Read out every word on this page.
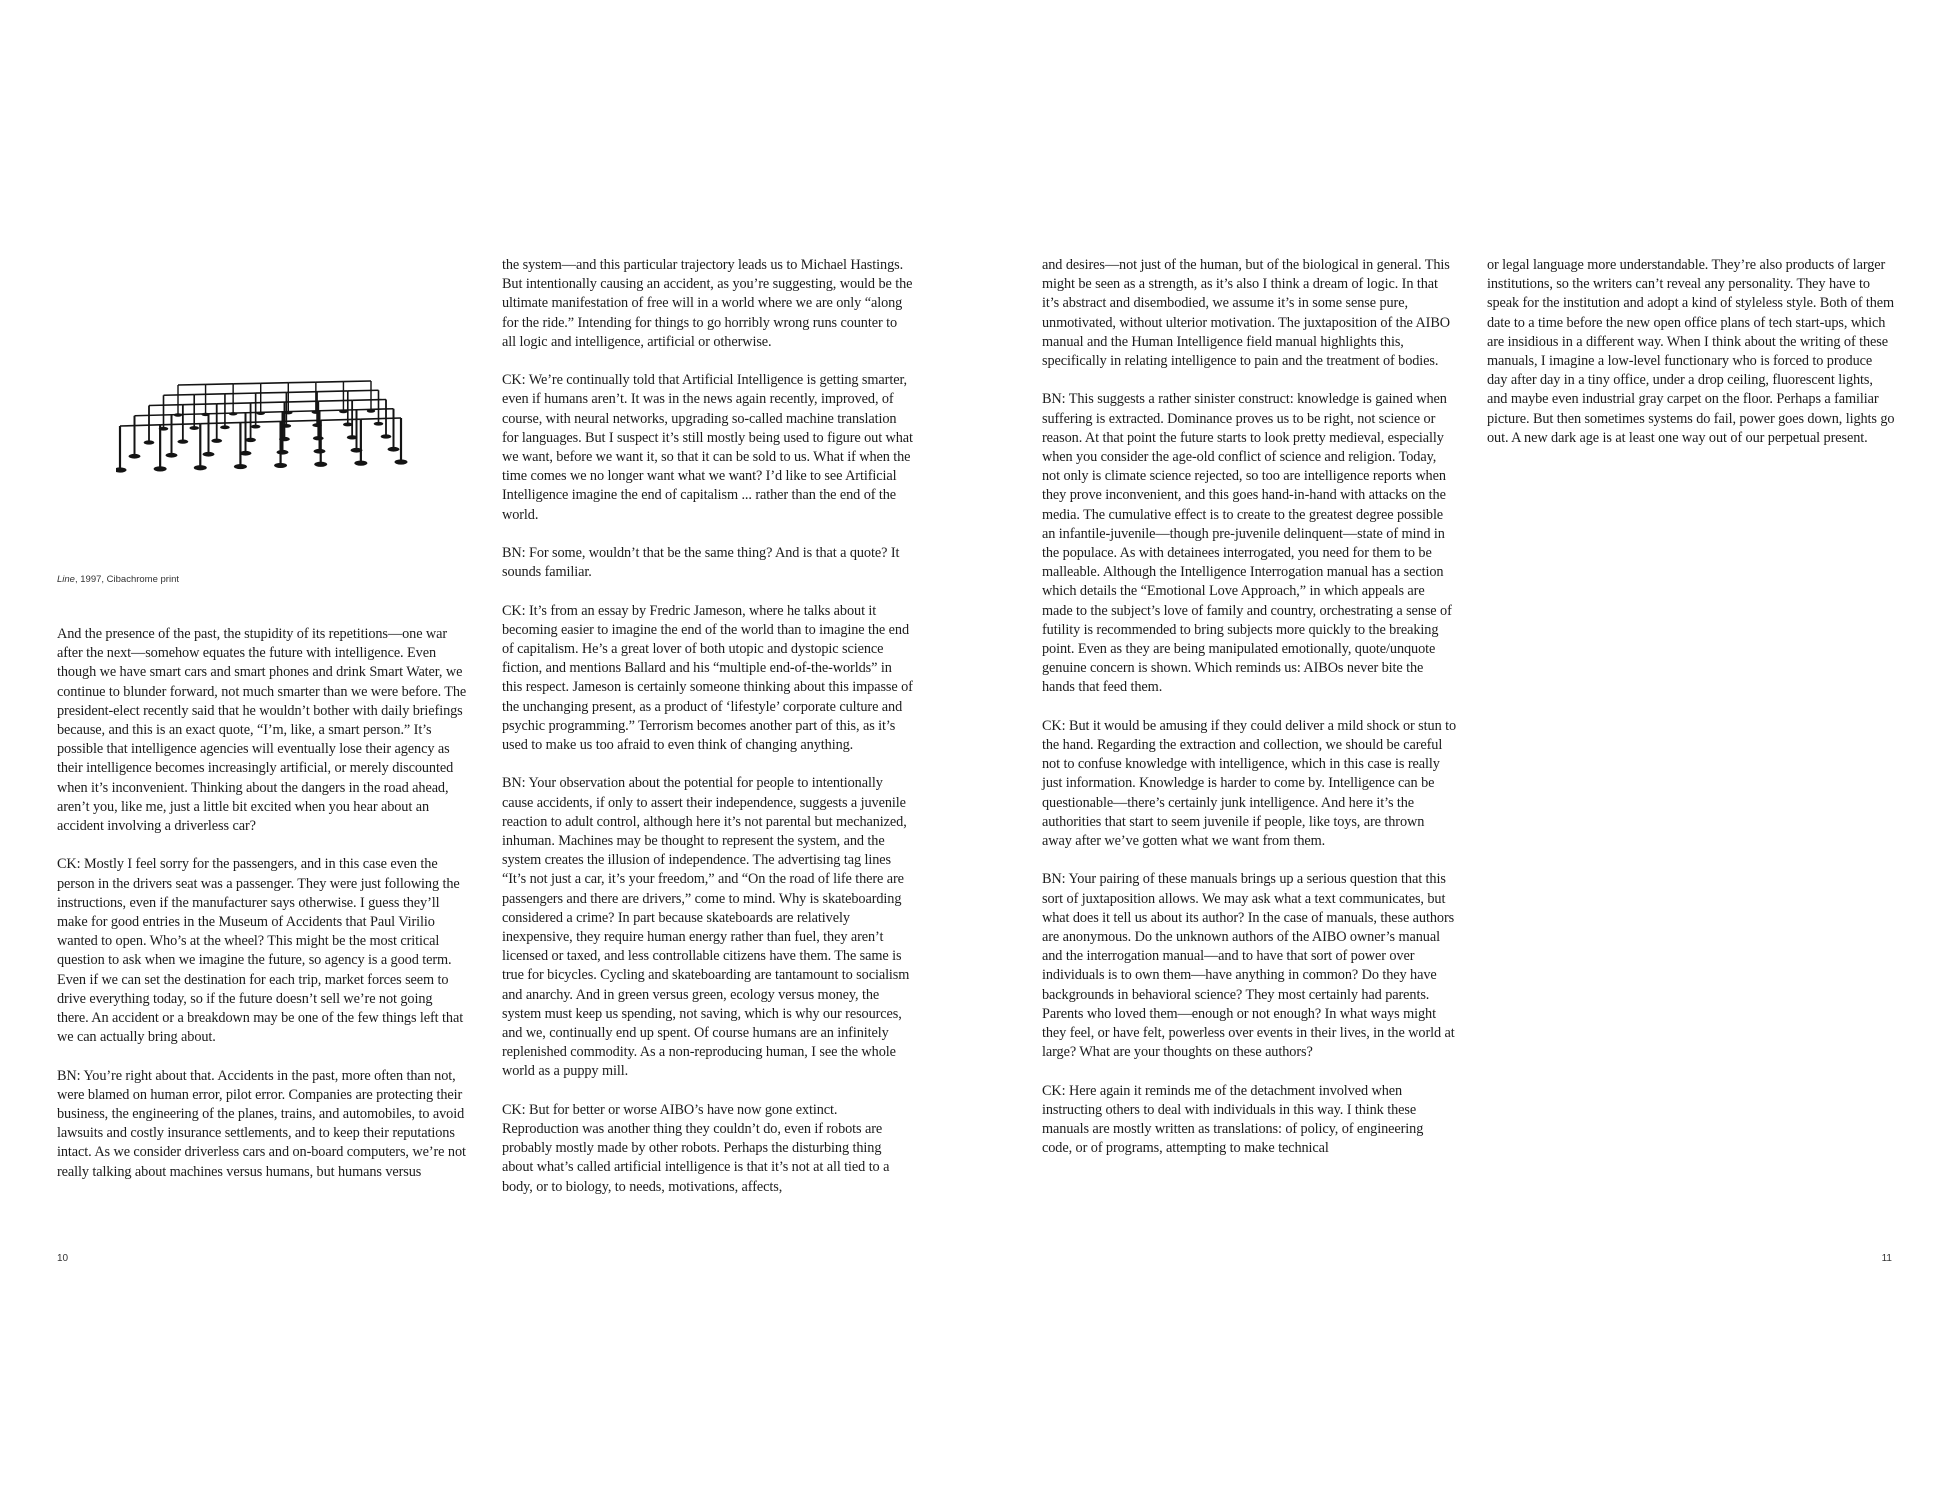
Line, 1997, Cibachrome print

And the presence of the past, the stupidity of its repetitions—one war after the next—somehow equates the future with intelligence. Even though we have smart cars and smart phones and drink Smart Water, we continue to blunder forward, not much smarter than we were before. The president-elect recently said that he wouldn’t bother with daily briefings because, and this is an exact quote, “I’m, like, a smart person.” It’s possible that intelligence agencies will eventually lose their agency as their intelligence becomes increasingly artificial, or merely discounted when it’s inconvenient. Thinking about the dangers in the road ahead, aren’t you, like me, just a little bit excited when you hear about an accident involving a driverless car?

CK: Mostly I feel sorry for the passengers, and in this case even the person in the drivers seat was a passenger. They were just following the instructions, even if the manufacturer says otherwise. I guess they’ll make for good entries in the Museum of Accidents that Paul Virilio wanted to open. Who’s at the wheel? This might be the most critical question to ask when we imagine the future, so agency is a good term. Even if we can set the destination for each trip, market forces seem to drive everything today, so if the future doesn’t sell we’re not going there. An accident or a breakdown may be one of the few things left that we can actually bring about.

BN: You’re right about that. Accidents in the past, more often than not, were blamed on human error, pilot error. Companies are protecting their business, the engineering of the planes, trains, and automobiles, to avoid lawsuits and costly insurance settlements, and to keep their reputations intact. As we consider driverless cars and on-board computers, we’re not really talking about machines versus humans, but humans versus

the system—and this particular trajectory leads us to Michael Hastings. But intentionally causing an accident, as you’re suggesting, would be the ultimate manifestation of free will in a world where we are only “along for the ride.” Intending for things to go horribly wrong runs counter to all logic and intelligence, artificial or otherwise.

CK: We’re continually told that Artificial Intelligence is getting smarter, even if humans aren’t. It was in the news again recently, improved, of course, with neural networks, upgrading so-called machine translation for languages. But I suspect it’s still mostly being used to figure out what we want, before we want it, so that it can be sold to us. What if when the time comes we no longer want what we want? I’d like to see Artificial Intelligence imagine the end of capitalism ... rather than the end of the world.

BN: For some, wouldn’t that be the same thing? And is that a quote? It sounds familiar.

CK: It’s from an essay by Fredric Jameson, where he talks about it becoming easier to imagine the end of the world than to imagine the end of capitalism. He’s a great lover of both utopic and dystopic science fiction, and mentions Ballard and his “multiple end-of-the-worlds” in this respect. Jameson is certainly someone thinking about this impasse of the unchanging present, as a product of ‘lifestyle’ corporate culture and psychic programming.” Terrorism becomes another part of this, as it’s used to make us too afraid to even think of changing anything.

BN: Your observation about the potential for people to intentionally cause accidents, if only to assert their independence, suggests a juvenile reaction to adult control, although here it’s not parental but mechanized, inhuman. Machines may be thought to represent the system, and the system creates the illusion of independence. The advertising tag lines “It’s not just a car, it’s your freedom,” and “On the road of life there are passengers and there are drivers,” come to mind. Why is skateboarding considered a crime? In part because skateboards are relatively inexpensive, they require human energy rather than fuel, they aren’t licensed or taxed, and less controllable citizens have them. The same is true for bicycles. Cycling and skateboarding are tantamount to socialism and anarchy. And in green versus green, ecology versus money, the system must keep us spending, not saving, which is why our resources, and we, continually end up spent. Of course humans are an infinitely replenished commodity. As a non-reproducing human, I see the whole world as a puppy mill.

CK: But for better or worse AIBO’s have now gone extinct. Reproduction was another thing they couldn’t do, even if robots are probably mostly made by other robots. Perhaps the disturbing thing about what’s called artificial intelligence is that it’s not at all tied to a body, or to biology, to needs, motivations, affects,

and desires—not just of the human, but of the biological in general. This might be seen as a strength, as it’s also I think a dream of logic. In that it’s abstract and disembodied, we assume it’s in some sense pure, unmotivated, without ulterior motivation. The juxtaposition of the AIBO manual and the Human Intelligence field manual highlights this, specifically in relating intelligence to pain and the treatment of bodies.

BN: This suggests a rather sinister construct: knowledge is gained when suffering is extracted. Dominance proves us to be right, not science or reason. At that point the future starts to look pretty medieval, especially when you consider the age-old conflict of science and religion. Today, not only is climate science rejected, so too are intelligence reports when they prove inconvenient, and this goes hand-in-hand with attacks on the media. The cumulative effect is to create to the greatest degree possible an infantile-juvenile—though pre-juvenile delinquent—state of mind in the populace. As with detainees interrogated, you need for them to be malleable. Although the Intelligence Interrogation manual has a section which details the “Emotional Love Approach,” in which appeals are made to the subject’s love of family and country, orchestrating a sense of futility is recommended to bring subjects more quickly to the breaking point. Even as they are being manipulated emotionally, quote/unquote genuine concern is shown. Which reminds us: AIBOs never bite the hands that feed them.

CK: But it would be amusing if they could deliver a mild shock or stun to the hand. Regarding the extraction and collection, we should be careful not to confuse knowledge with intelligence, which in this case is really just information. Knowledge is harder to come by. Intelligence can be questionable—there’s certainly junk intelligence. And here it’s the authorities that start to seem juvenile if people, like toys, are thrown away after we’ve gotten what we want from them.

BN: Your pairing of these manuals brings up a serious question that this sort of juxtaposition allows. We may ask what a text communicates, but what does it tell us about its author? In the case of manuals, these authors are anonymous. Do the unknown authors of the AIBO owner’s manual and the interrogation manual—and to have that sort of power over individuals is to own them—have anything in common? Do they have backgrounds in behavioral science? They most certainly had parents. Parents who loved them—enough or not enough? In what ways might they feel, or have felt, powerless over events in their lives, in the world at large? What are your thoughts on these authors?

CK: Here again it reminds me of the detachment involved when instructing others to deal with individuals in this way. I think these manuals are mostly written as translations: of policy, of engineering code, or of programs, attempting to make technical

or legal language more understandable. They’re also products of larger institutions, so the writers can’t reveal any personality. They have to speak for the institution and adopt a kind of styleless style. Both of them date to a time before the new open office plans of tech start-ups, which are insidious in a different way. When I think about the writing of these manuals, I imagine a low-level functionary who is forced to produce day after day in a tiny office, under a drop ceiling, fluorescent lights, and maybe even industrial gray carpet on the floor. Perhaps a familiar picture. But then sometimes systems do fail, power goes down, lights go out. A new dark age is at least one way out of our perpetual present.

10	11
